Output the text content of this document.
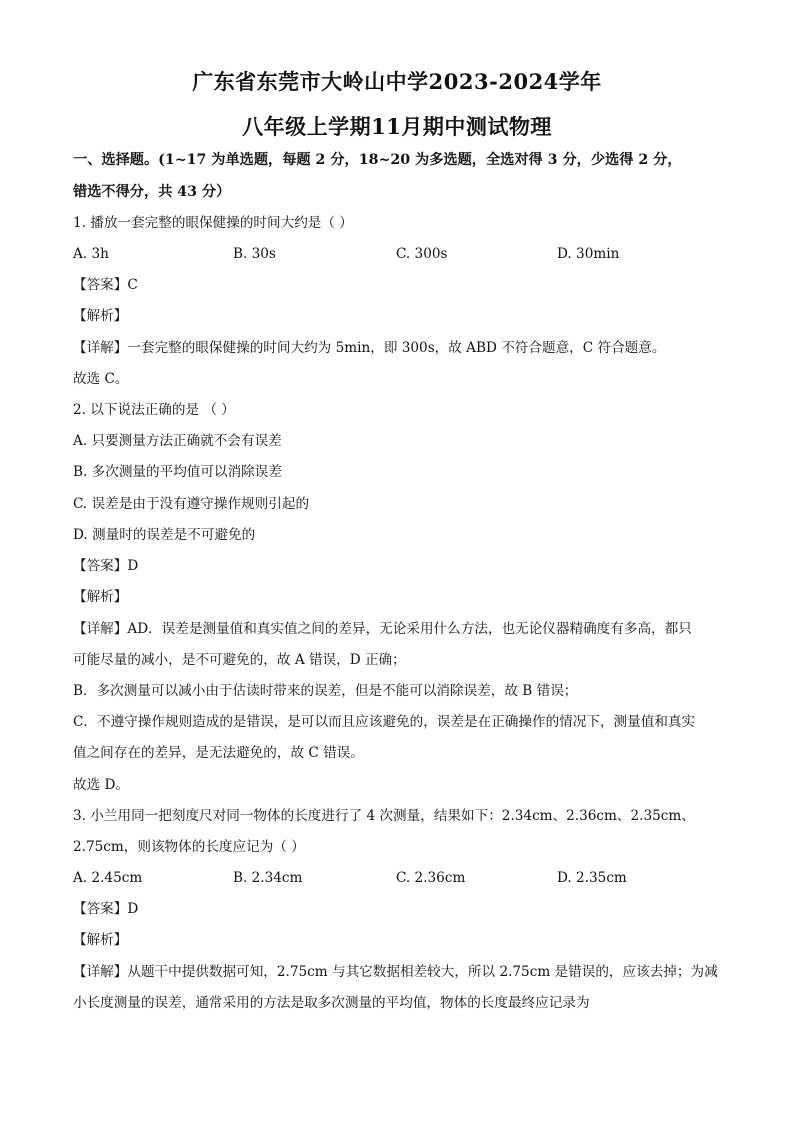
广东省东莞市大岭山中学2023-2024学年
八年级上学期11月期中测试物理
一、选择题。(1~17 为单选题，每题 2 分，18~20 为多选题，全选对得 3 分，少选得 2 分，
错选不得分，共 43 分）
1. 播放一套完整的眼保健操的时间大约是（ ）
A. 3h	B. 30s	C. 300s	D. 30min
【答案】C
【解析】
【详解】一套完整的眼保健操的时间大约为 5min，即 300s，故 ABD 不符合题意，C 符合题意。
故选 C。
2. 以下说法正确的是 （ ）
A. 只要测量方法正确就不会有误差
B. 多次测量的平均值可以消除误差
C. 误差是由于没有遵守操作规则引起的
D. 测量时的误差是不可避免的
【答案】D
【解析】
【详解】AD．误差是测量值和真实值之间的差异，无论采用什么方法，也无论仪器精确度有多高，都只
可能尽量的减小，是不可避免的，故 A 错误，D 正确；
B．多次测量可以减小由于估读时带来的误差，但是不能可以消除误差，故 B 错误；
C．不遵守操作规则造成的是错误，是可以而且应该避免的，误差是在正确操作的情况下，测量值和真实
值之间存在的差异，是无法避免的，故 C 错误。
故选 D。
3. 小兰用同一把刻度尺对同一物体的长度进行了 4 次测量，结果如下：2.34cm、2.36cm、2.35cm、
2.75cm，则该物体的长度应记为（ ）
A. 2.45cm	B. 2.34cm	C. 2.36cm	D. 2.35cm
【答案】D
【解析】
【详解】从题干中提供数据可知，2.75cm 与其它数据相差较大，所以 2.75cm 是错误的，应该去掉；为减
小长度测量的误差，通常采用的方法是取多次测量的平均值，物体的长度最终应记录为
